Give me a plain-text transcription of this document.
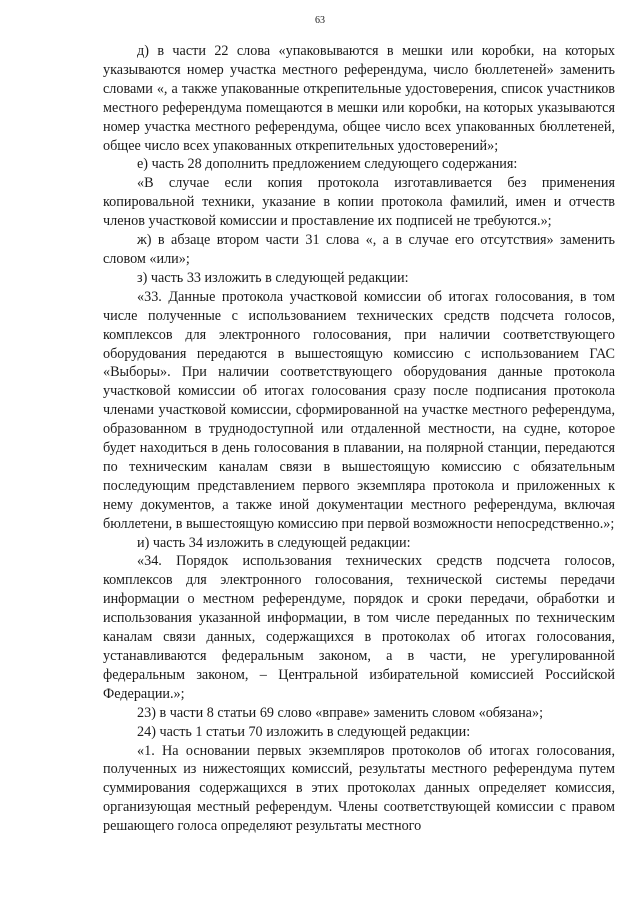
63

д) в части 22 слова «упаковываются в мешки или коробки, на которых указываются номер участка местного референдума, число бюллетеней» заменить словами «, а также упакованные открепительные удостоверения, список участников местного референдума помещаются в мешки или коробки, на которых указываются номер участка местного референдума, общее число всех упакованных бюллетеней, общее число всех упакованных открепительных удостоверений»;

е) часть 28 дополнить предложением следующего содержания:

«В случае если копия протокола изготавливается без применения копировальной техники, указание в копии протокола фамилий, имен и отчеств членов участковой комиссии и проставление их подписей не требуются.»;

ж) в абзаце втором части 31 слова «, а в случае его отсутствия» заменить словом «или»;

з) часть 33 изложить в следующей редакции:

«33. Данные протокола участковой комиссии об итогах голосования, в том числе полученные с использованием технических средств подсчета голосов, комплексов для электронного голосования, при наличии соответствующего оборудования передаются в вышестоящую комиссию с использованием ГАС «Выборы». При наличии соответствующего оборудования данные протокола участковой комиссии об итогах голосования сразу после подписания протокола членами участковой комиссии, сформированной на участке местного референдума, образованном в труднодоступной или отдаленной местности, на судне, которое будет находиться в день голосования в плавании, на полярной станции, передаются по техническим каналам связи в вышестоящую комиссию с обязательным последующим представлением первого экземпляра протокола и приложенных к нему документов, а также иной документации местного референдума, включая бюллетени, в вышестоящую комиссию при первой возможности непосредственно.»;

и) часть 34 изложить в следующей редакции:

«34. Порядок использования технических средств подсчета голосов, комплексов для электронного голосования, технической системы передачи информации о местном референдуме, порядок и сроки передачи, обработки и использования указанной информации, в том числе переданных по техническим каналам связи данных, содержащихся в протоколах об итогах голосования, устанавливаются федеральным законом, а в части, не урегулированной федеральным законом, – Центральной избирательной комиссией Российской Федерации.»;

23) в части 8 статьи 69 слово «вправе» заменить словом «обязана»;

24) часть 1 статьи 70 изложить в следующей редакции:

«1. На основании первых экземпляров протоколов об итогах голосования, полученных из нижестоящих комиссий, результаты местного референдума путем суммирования содержащихся в этих протоколах данных определяет комиссия, организующая местный референдум. Члены соответствующей комиссии с правом решающего голоса определяют результаты местного
